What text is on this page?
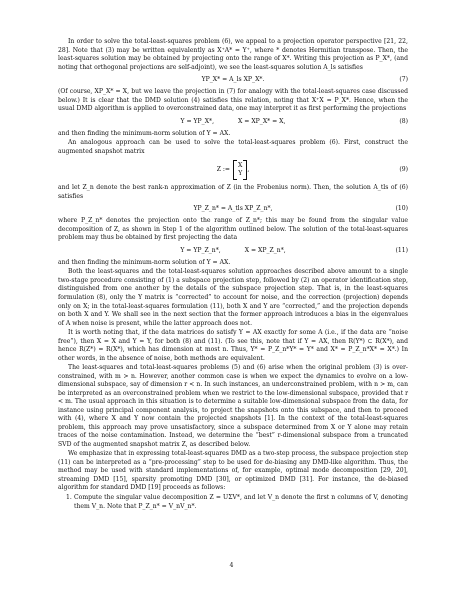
In order to solve the total-least-squares problem (6), we appeal to a projection operator perspective [21, 22, 28]. Note that (3) may be written equivalently as X⁺A* = Y⁺, where * denotes Hermitian transpose. Then, the least-squares solution may be obtained by projecting onto the range of X*. Writing this projection as P_X*, (and noting that orthogonal projections are self-adjoint), we see the least-squares solution A_ls satisfies

YP_X* = A_ls XP_X*.	(7)

(Of course, XP_X* = X, but we leave the projection in (7) for analogy with the total-least-squares case discussed below.) It is clear that the DMD solution (4) satisfies this relation, noting that X⁺X = P_X*. Hence, when the usual DMD algorithm is applied to overconstrained data, one may interpret it as first performing the projections

Y = YP_X*,	X = XP_X* = X,	(8)

and then finding the minimum-norm solution of Y = AX.

An analogous approach can be used to solve the total-least-squares problem (6). First, construct the augmented snapshot matrix

Z :=
X
Y
,	(9)

and let Z_n denote the best rank-n approximation of Z (in the Frobenius norm). Then, the solution A_tls of (6) satisfies

YP_Z_n* = A_tls XP_Z_n*,	(10)

where P_Z_n* denotes the projection onto the range of Z_n*; this may be found from the singular value decomposition of Z, as shown in Step 1 of the algorithm outlined below. The solution of the total-least-squares problem may thus be obtained by first projecting the data

Y = YP_Z_n*,	X = XP_Z_n*,	(11)

and then finding the minimum-norm solution of Y = AX.

Both the least-squares and the total-least-squares solution approaches described above amount to a single two-stage procedure consisting of (1) a subspace projection step, followed by (2) an operator identification step, distinguished from one another by the details of the subspace projection step. That is, in the least-squares formulation (8), only the Y matrix is “corrected” to account for noise, and the correction (projection) depends only on X; in the total-least-squares formulation (11), both X and Y are “corrected,” and the projection depends on both X and Y. We shall see in the next section that the former approach introduces a bias in the eigenvalues of A when noise is present, while the latter approach does not.

It is worth noting that, if the data matrices do satisfy Y = AX exactly for some A (i.e., if the data are “noise free”), then X = X and Y = Y, for both (8) and (11). (To see this, note that if Y = AX, then R(Y*) ⊂ R(X*), and hence R(Z*) = R(X*), which has dimension at most n. Thus, Y* = P_Z_n*Y* = Y* and X* = P_Z_n*X* = X*.) In other words, in the absence of noise, both methods are equivalent.

The least-squares and total-least-squares problems (5) and (6) arise when the original problem (3) is over-constrained, with m > n. However, another common case is when we expect the dynamics to evolve on a low-dimensional subspace, say of dimension r < n. In such instances, an underconstrained problem, with n > m, can be interpreted as an overconstrained problem when we restrict to the low-dimensional subspace, provided that r < m. The usual approach in this situation is to determine a suitable low-dimensional subspace from the data, for instance using principal component analysis, to project the snapshots onto this subspace, and then to proceed with (4), where X and Y now contain the projected snapshots [1]. In the context of the total-least-squares problem, this approach may prove unsatisfactory, since a subspace determined from X or Y alone may retain traces of the noise contamination. Instead, we determine the “best” r-dimensional subspace from a truncated SVD of the augmented snapshot matrix Z, as described below.

We emphasize that in expressing total-least-squares DMD as a two-step process, the subspace projection step (11) can be interpreted as a “pre-processing” step to be used for de-biasing any DMD-like algorithm. Thus, the method may be used with standard implementations of, for example, optimal mode decomposition [29, 20], streaming DMD [15], sparsity promoting DMD [30], or optimized DMD [31]. For instance, the de-biased algorithm for standard DMD [19] proceeds as follows:

1. Compute the singular value decomposition Z = UΣV*, and let V_n denote the first n columns of V, denoting them V_n. Note that P_Z_n* = V_nV_n*.
4
